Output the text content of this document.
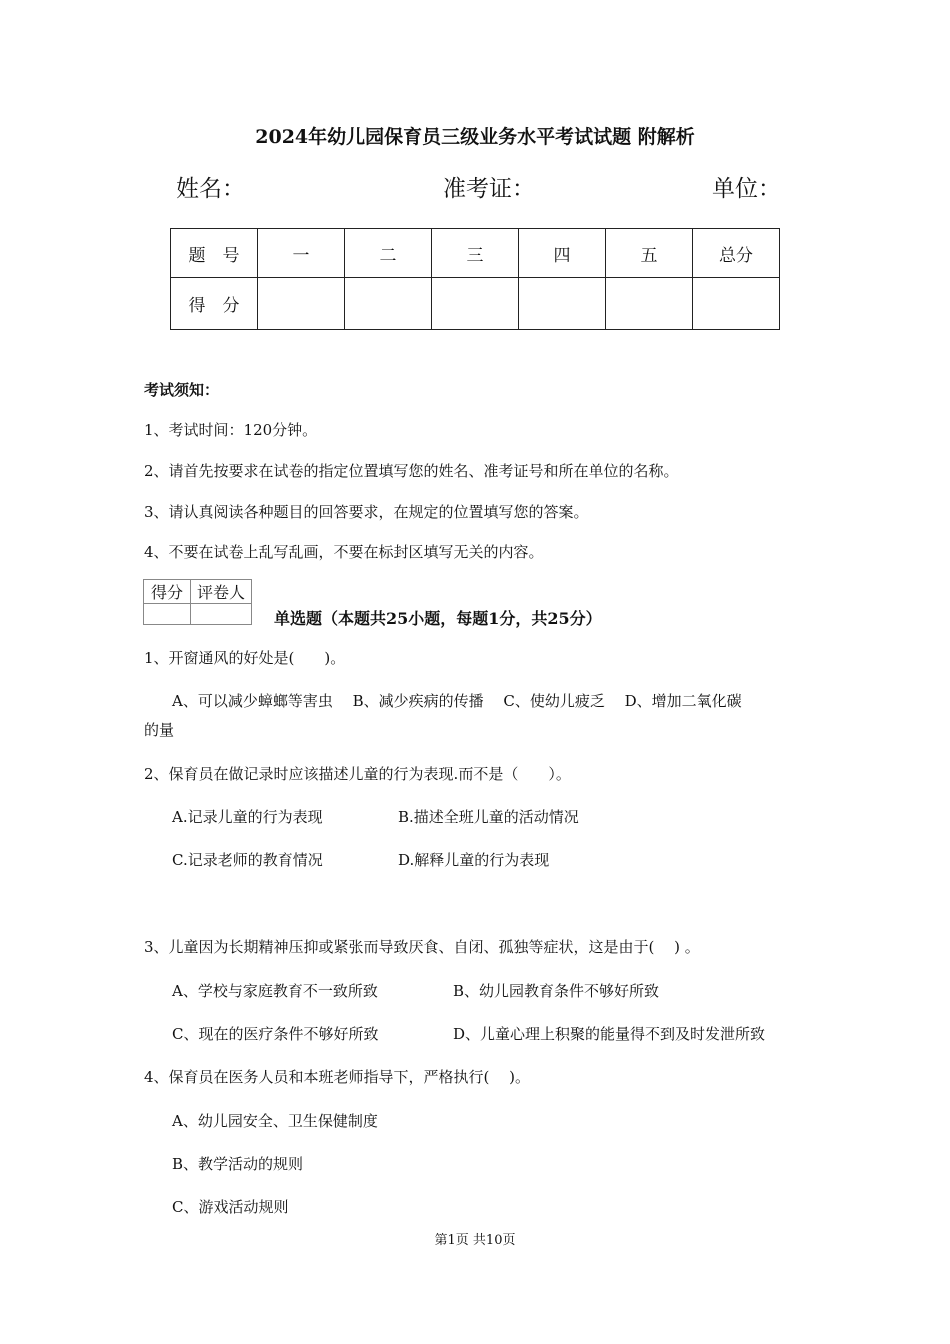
2024年幼儿园保育员三级业务水平考试试题 附解析
姓名：	准考证：	单位：
题　号	一	二	三	四	五	总分
得　分						
考试须知：
1、考试时间：120分钟。
2、请首先按要求在试卷的指定位置填写您的姓名、准考证号和所在单位的名称。
3、请认真阅读各种题目的回答要求，在规定的位置填写您的答案。
4、不要在试卷上乱写乱画，不要在标封区填写无关的内容。
得分	评卷人

单选题（本题共25小题，每题1分，共25分）
1、开窗通风的好处是(　　)。
A、可以减少蟑螂等害虫　 B、减少疾病的传播　 C、使幼儿疲乏　 D、增加二氧化碳
的量
2、保育员在做记录时应该描述儿童的行为表现.而不是（　　）。
A.记录儿童的行为表现	B.描述全班儿童的活动情况
C.记录老师的教育情况	D.解释儿童的行为表现
3、儿童因为长期精神压抑或紧张而导致厌食、自闭、孤独等症状，这是由于(　 ) 。
A、学校与家庭教育不一致所致	B、幼儿园教育条件不够好所致
C、现在的医疗条件不够好所致	D、儿童心理上积聚的能量得不到及时发泄所致
4、保育员在医务人员和本班老师指导下，严格执行(　 )。
A、幼儿园安全、卫生保健制度
B、教学活动的规则
C、游戏活动规则
第1页 共10页
